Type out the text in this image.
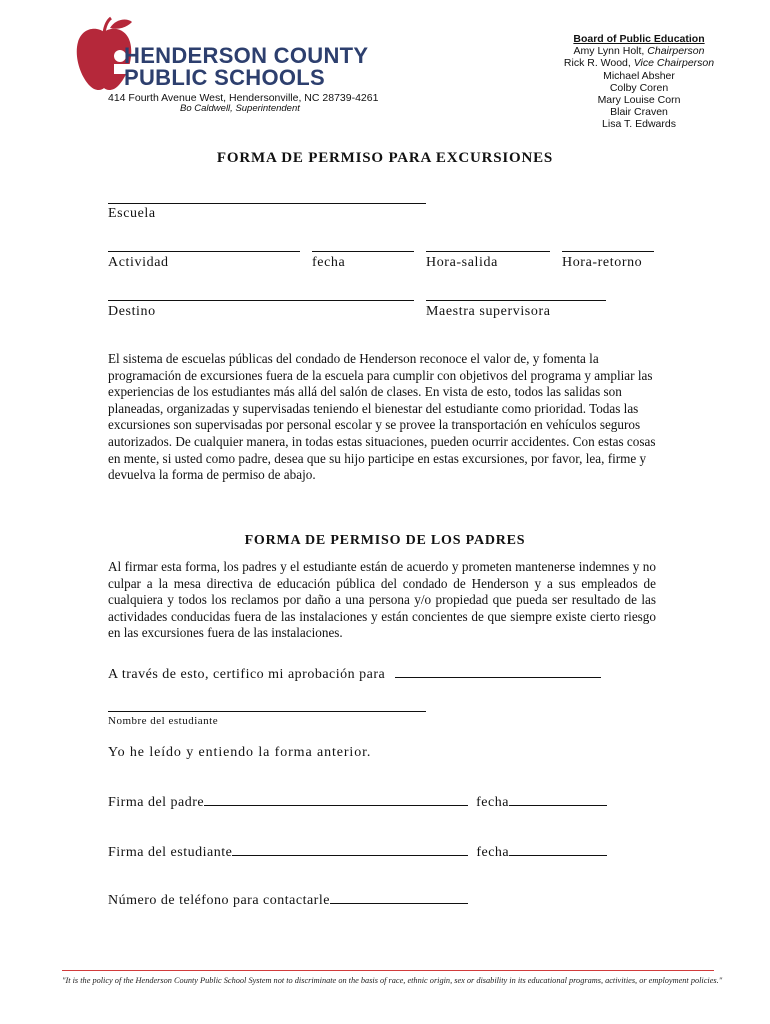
HENDERSON COUNTY
PUBLIC SCHOOLS
414 Fourth Avenue West, Hendersonville, NC 28739-4261
Bo Caldwell, Superintendent
Board of Public Education
Amy Lynn Holt, Chairperson
Rick R. Wood, Vice Chairperson
Michael Absher
Colby Coren
Mary Louise Corn
Blair Craven
Lisa T. Edwards
FORMA DE PERMISO PARA EXCURSIONES
Escuela
Actividad	fecha	Hora-salida	Hora-retorno
Destino	Maestra supervisora
El sistema de escuelas públicas del condado de Henderson reconoce el valor de, y fomenta la programación de excursiones fuera de la escuela para cumplir con objetivos del programa y ampliar las experiencias de los estudiantes más allá del salón de clases. En vista de esto, todos las salidas son planeadas, organizadas y supervisadas teniendo el bienestar del estudiante como prioridad. Todas las excursiones son supervisadas por personal escolar y se provee la transportación en vehículos seguros autorizados. De cualquier manera, in todas estas situaciones, pueden ocurrir accidentes. Con estas cosas en mente, si usted como padre, desea que su hijo participe en estas excursiones, por favor, lea, firme y devuelva la forma de permiso de abajo.
FORMA DE PERMISO DE LOS PADRES
Al firmar esta forma, los padres y el estudiante están de acuerdo y prometen mantenerse indemnes y no culpar a la mesa directiva de educación pública del condado de Henderson y a sus empleados de cualquiera y todos los reclamos por daño a una persona y/o propiedad que pueda ser resultado de las actividades conducidas fuera de las instalaciones y están concientes de que siempre existe cierto riesgo en las excursiones fuera de las instalaciones.
A través de esto, certifico mi aprobación para
Nombre del estudiante
Yo he leído y entiendo la forma anterior.
Firma del padre	fecha
Firma del estudiante	fecha
Número de teléfono para contactarle
"It is the policy of the Henderson County Public School System not to discriminate on the basis of race, ethnic origin, sex or disability in its educational programs, activities, or employment policies."
